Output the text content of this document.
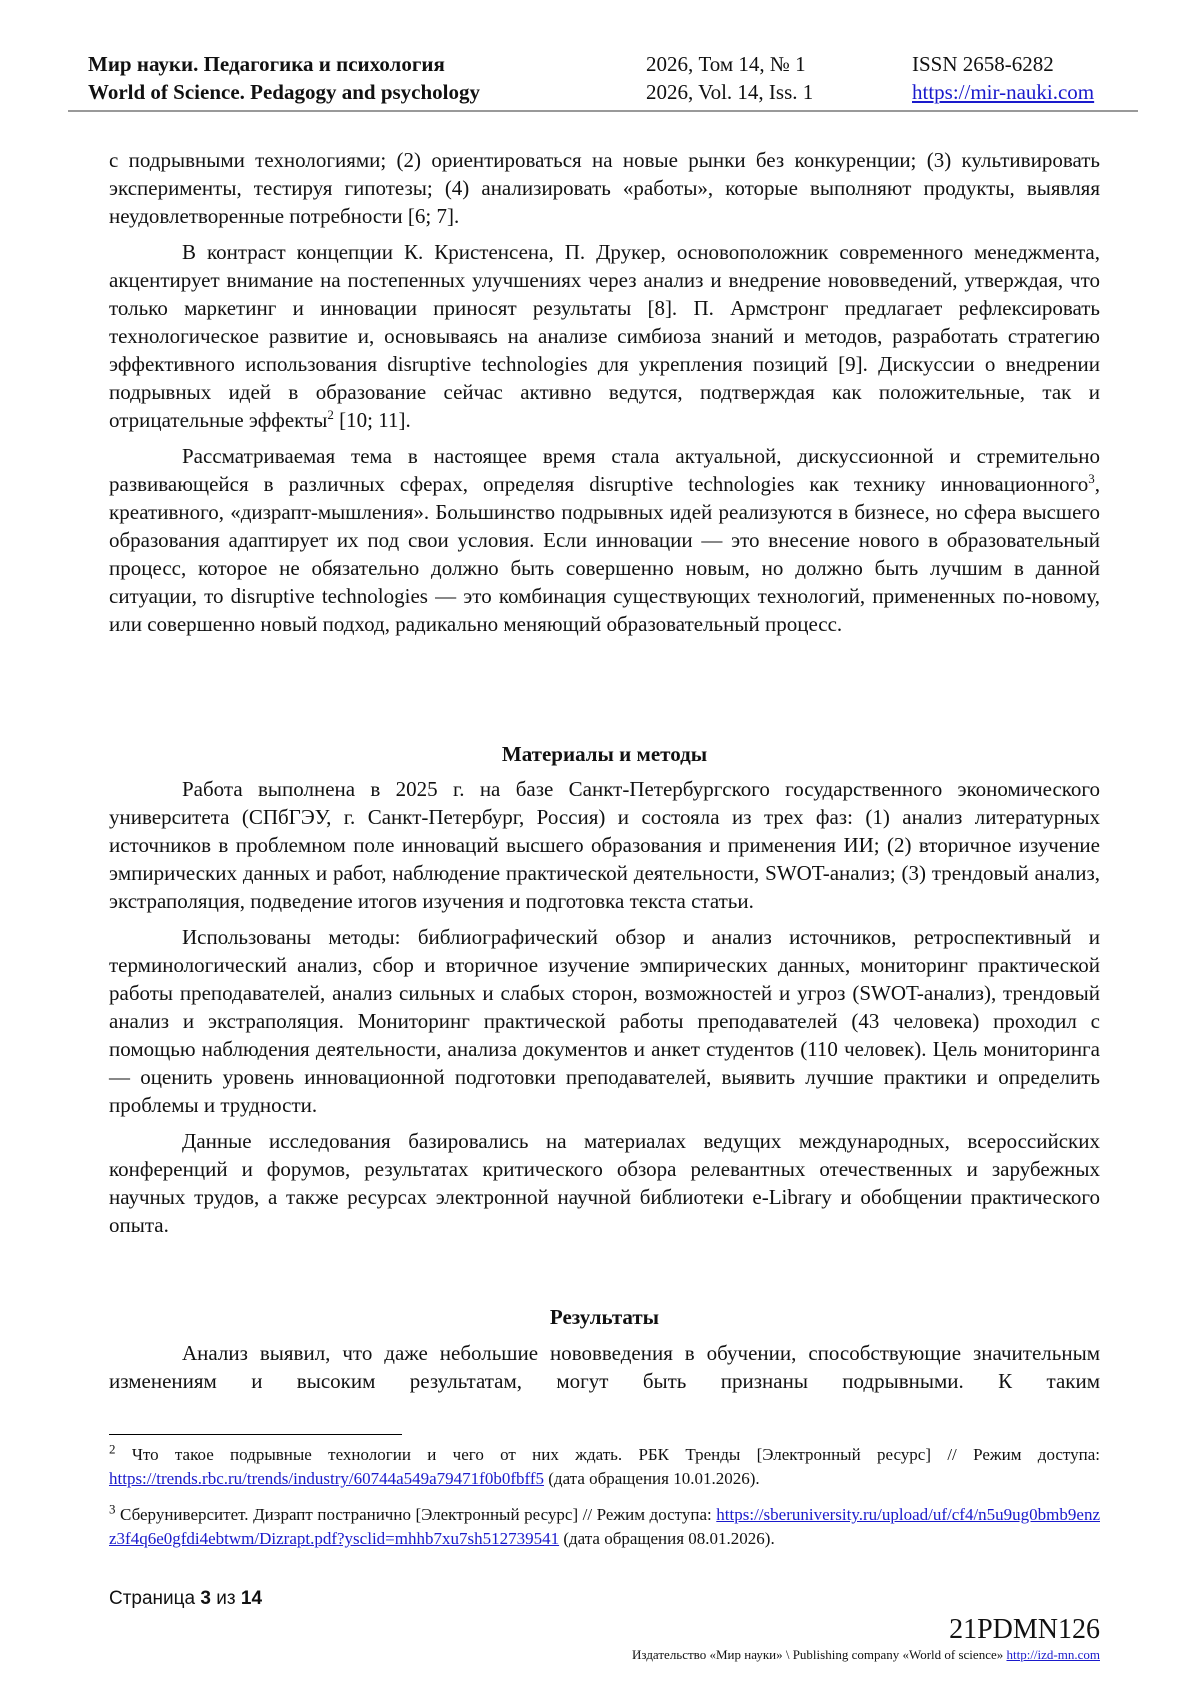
Мир науки. Педагогика и психология
World of Science. Pedagogy and psychology
2026, Том 14, № 1
2026, Vol. 14, Iss. 1
ISSN 2658-6282
https://mir-nauki.com

с подрывными технологиями; (2) ориентироваться на новые рынки без конкуренции; (3) культивировать эксперименты, тестируя гипотезы; (4) анализировать «работы», которые выполняют продукты, выявляя неудовлетворенные потребности [6; 7].

В контраст концепции К. Кристенсена, П. Друкер, основоположник современного менеджмента, акцентирует внимание на постепенных улучшениях через анализ и внедрение нововведений, утверждая, что только маркетинг и инновации приносят результаты [8]. П. Армстронг предлагает рефлексировать технологическое развитие и, основываясь на анализе симбиоза знаний и методов, разработать стратегию эффективного использования disruptive technologies для укрепления позиций [9]. Дискуссии о внедрении подрывных идей в образование сейчас активно ведутся, подтверждая как положительные, так и отрицательные эффекты$^2$ [10; 11].

Рассматриваемая тема в настоящее время стала актуальной, дискуссионной и стремительно развивающейся в различных сферах, определяя disruptive technologies как технику инновационного$^3$, креативного, «дизрапт-мышления». Большинство подрывных идей реализуются в бизнесе, но сфера высшего образования адаптирует их под свои условия. Если инновации — это внесение нового в образовательный процесс, которое не обязательно должно быть совершенно новым, но должно быть лучшим в данной ситуации, то disruptive technologies — это комбинация существующих технологий, примененных по-новому, или совершенно новый подход, радикально меняющий образовательный процесс.

Материалы и методы

Работа выполнена в 2025 г. на базе Санкт-Петербургского государственного экономического университета (СПбГЭУ, г. Санкт-Петербург, Россия) и состояла из трех фаз: (1) анализ литературных источников в проблемном поле инноваций высшего образования и применения ИИ; (2) вторичное изучение эмпирических данных и работ, наблюдение практической деятельности, SWOT-анализ; (3) трендовый анализ, экстраполяция, подведение итогов изучения и подготовка текста статьи.

Использованы методы: библиографический обзор и анализ источников, ретроспективный и терминологический анализ, сбор и вторичное изучение эмпирических данных, мониторинг практической работы преподавателей, анализ сильных и слабых сторон, возможностей и угроз (SWOT-анализ), трендовый анализ и экстраполяция. Мониторинг практической работы преподавателей (43 человека) проходил с помощью наблюдения деятельности, анализа документов и анкет студентов (110 человек). Цель мониторинга — оценить уровень инновационной подготовки преподавателей, выявить лучшие практики и определить проблемы и трудности.

Данные исследования базировались на материалах ведущих международных, всероссийских конференций и форумов, результатах критического обзора релевантных отечественных и зарубежных научных трудов, а также ресурсах электронной научной библиотеки e-Library и обобщении практического опыта.

Результаты

Анализ выявил, что даже небольшие нововведения в обучении, способствующие значительным изменениям и высоким результатам, могут быть признаны подрывными. К таким

$^2$ Что такое подрывные технологии и чего от них ждать. РБК Тренды [Электронный ресурс] // Режим доступа: https://trends.rbc.ru/trends/industry/60744a549a79471f0b0fbff5 (дата обращения 10.01.2026).
$^3$ Сберуниверситет. Дизрапт постранично [Электронный ресурс] // Режим доступа: https://sberuniversity.ru/upload/uf/cf4/n5u9ug0bmb9enzz3f4q6e0gfdi4ebtwm/Dizrapt.pdf?ysclid=mhhb7xu7sh512739541 (дата обращения 08.01.2026).
Страница 3 из 14
21PDMN126
Издательство «Мир науки» \ Publishing company «World of science» http://izd-mn.com
